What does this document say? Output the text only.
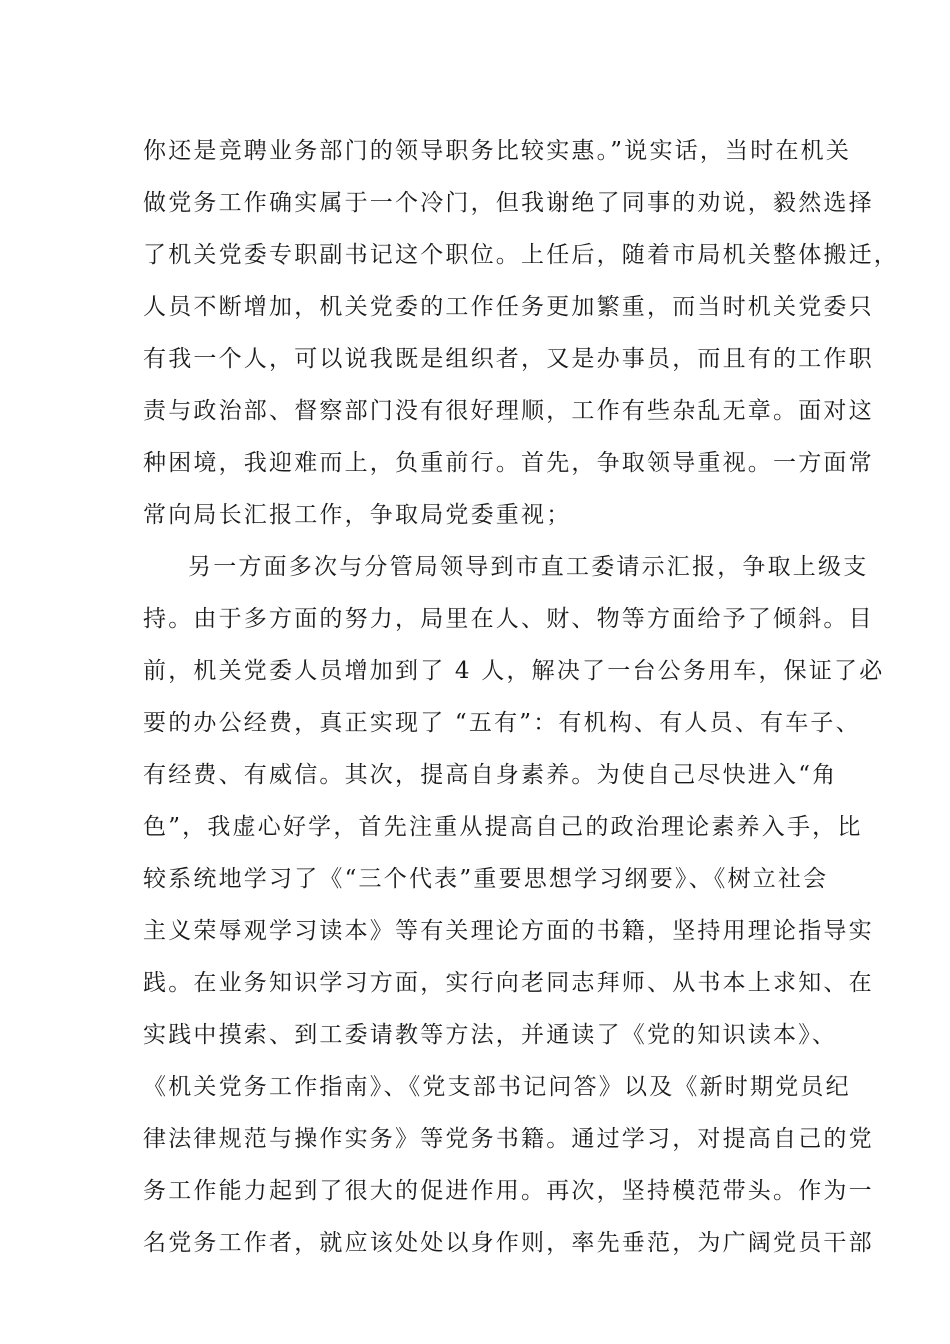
你还是竞聘业务部门的领导职务比较实惠。”说实话，当时在机关
做党务工作确实属于一个冷门，但我谢绝了同事的劝说，毅然选择
了机关党委专职副书记这个职位。上任后，随着市局机关整体搬迁，
人员不断增加，机关党委的工作任务更加繁重，而当时机关党委只
有我一个人，可以说我既是组织者，又是办事员，而且有的工作职
责与政治部、督察部门没有很好理顺，工作有些杂乱无章。面对这
种困境，我迎难而上，负重前行。首先，争取领导重视。一方面常
常向局长汇报工作，争取局党委重视；
另一方面多次与分管局领导到市直工委请示汇报，争取上级支
持。由于多方面的努力，局里在人、财、物等方面给予了倾斜。目
前，机关党委人员增加到了 4 人，解决了一台公务用车，保证了必
要的办公经费，真正实现了 “五有”：有机构、有人员、有车子、
有经费、有威信。其次，提高自身素养。为使自己尽快进入“角
色”，我虚心好学，首先注重从提高自己的政治理论素养入手，比
较系统地学习了《“三个代表”重要思想学习纲要》、《树立社会
主义荣辱观学习读本》等有关理论方面的书籍，坚持用理论指导实
践。在业务知识学习方面，实行向老同志拜师、从书本上求知、在
实践中摸索、到工委请教等方法，并通读了《党的知识读本》、
《机关党务工作指南》、《党支部书记问答》以及《新时期党员纪
律法律规范与操作实务》等党务书籍。通过学习，对提高自己的党
务工作能力起到了很大的促进作用。再次，坚持模范带头。作为一
名党务工作者，就应该处处以身作则，率先垂范，为广阔党员干部
